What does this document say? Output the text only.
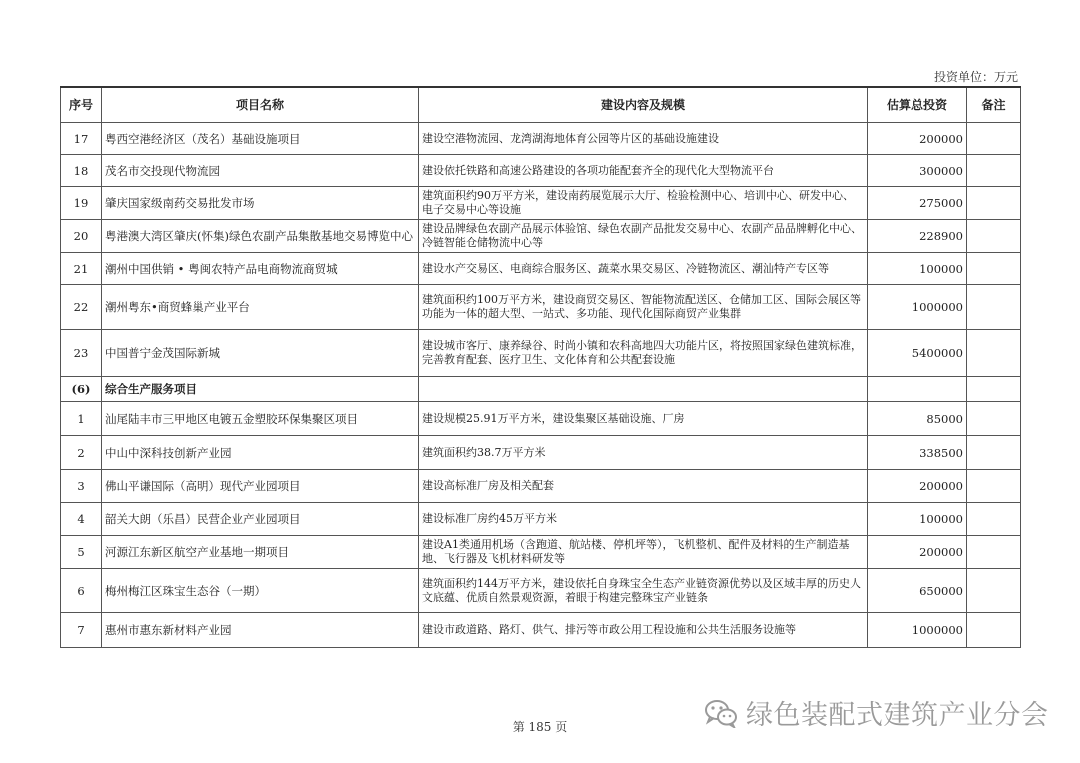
投资单位：万元
序号	项目名称	建设内容及规模	估算总投资	备注
17	粤西空港经济区（茂名）基础设施项目	建设空港物流园、龙湾湖海地体育公园等片区的基础设施建设	200000	
18	茂名市交投现代物流园	建设依托铁路和高速公路建设的各项功能配套齐全的现代化大型物流平台	300000	
19	肇庆国家级南药交易批发市场	建筑面积约90万平方米，建设南药展览展示大厅、检验检测中心、培训中心、研发中心、电子交易中心等设施	275000	
20	粤港澳大湾区肇庆(怀集)绿色农副产品集散基地交易博览中心	建设品牌绿色农副产品展示体验馆、绿色农副产品批发交易中心、农副产品品牌孵化中心、冷链智能仓储物流中心等	228900	
21	潮州中国供销 • 粤闽农特产品电商物流商贸城	建设水产交易区、电商综合服务区、蔬菜水果交易区、冷链物流区、潮汕特产专区等	100000	
22	潮州粤东•商贸蜂巢产业平台	建筑面积约100万平方米，建设商贸交易区、智能物流配送区、仓储加工区、国际会展区等功能为一体的超大型、一站式、多功能、现代化国际商贸产业集群	1000000	
23	中国普宁金茂国际新城	建设城市客厅、康养绿谷、时尚小镇和农科高地四大功能片区，将按照国家绿色建筑标准，完善教育配套、医疗卫生、文化体育和公共配套设施	5400000	
(6)	综合生产服务项目			
1	汕尾陆丰市三甲地区电镀五金塑胶环保集聚区项目	建设规模25.91万平方米，建设集聚区基础设施、厂房	85000	
2	中山中深科技创新产业园	建筑面积约38.7万平方米	338500	
3	佛山平谦国际（高明）现代产业园项目	建设高标准厂房及相关配套	200000	
4	韶关大朗（乐昌）民营企业产业园项目	建设标准厂房约45万平方米	100000	
5	河源江东新区航空产业基地一期项目	建设A1类通用机场（含跑道、航站楼、停机坪等），飞机整机、配件及材料的生产制造基地、飞行器及飞机材料研发等	200000	
6	梅州梅江区珠宝生态谷（一期）	建筑面积约144万平方米，建设依托自身珠宝全生态产业链资源优势以及区域丰厚的历史人文底蕴、优质自然景观资源，着眼于构建完整珠宝产业链条	650000	
7	惠州市惠东新材料产业园	建设市政道路、路灯、供气、排污等市政公用工程设施和公共生活服务设施等	1000000	
第 185 页	绿色装配式建筑产业分会
